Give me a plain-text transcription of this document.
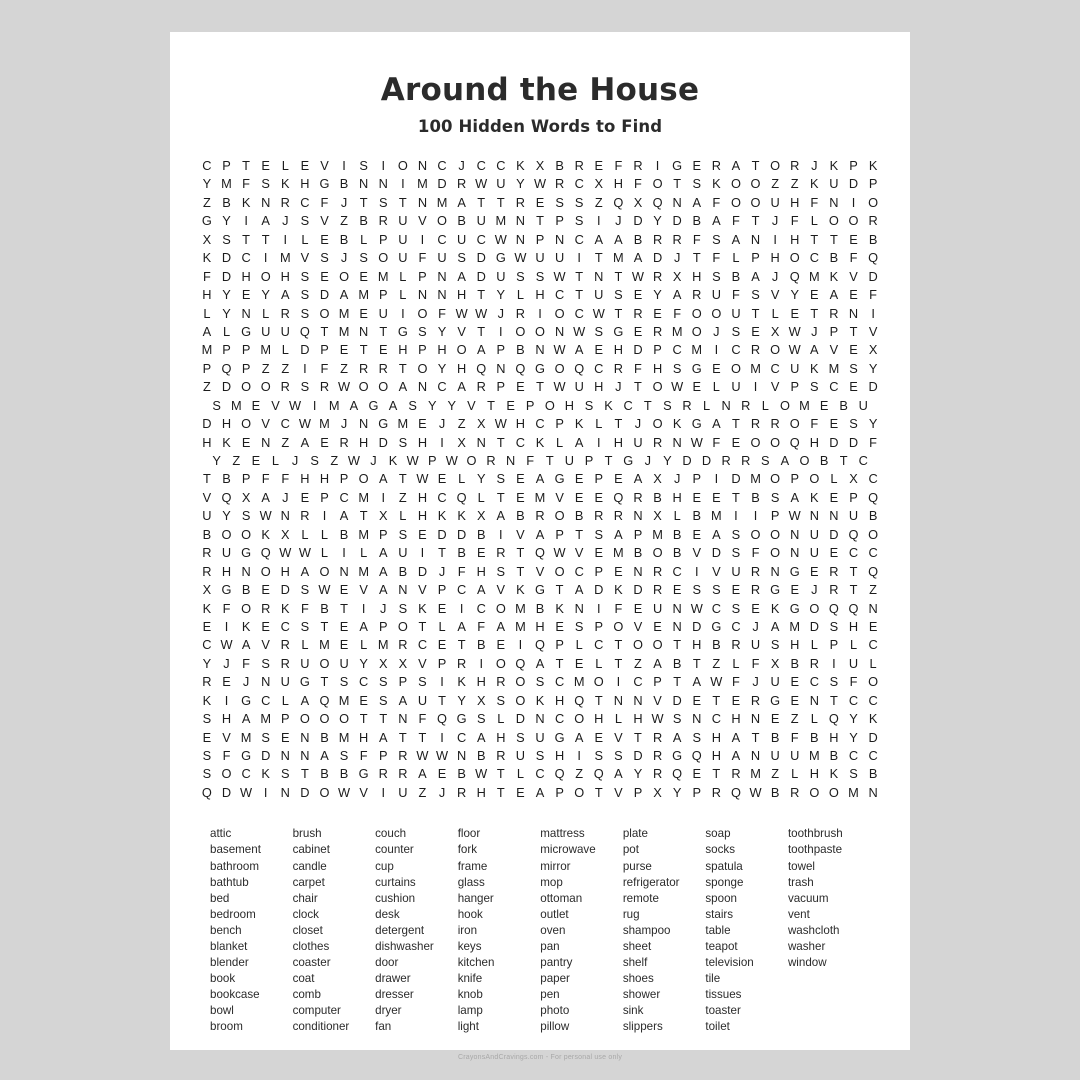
Around the House
100 Hidden Words to Find
C P T E L E V	I	S	I	O N C J C C K X B R E F R	I	G E R A T O R J K P K
Y M F S K H G B N N	I M D R W U Y W R C X H F O T S K O O Z Z K U D P
Z B K N R C F J T S T N M A T T R E S S Z Q X Q N A F O O U H F N	I	O
G Y	I	A J S V Z B R U V O B U M N T P S	I	J D Y D B A F T J F L O O R
X S T T	I	L E B L P U	I	C U C W N P N C A A B R R F S A N	I	H T T E B
K D C	I M V S J S O U F U S D G W U U	I	T M A D J T F L P H O C B F Q
F D H O H S E O E M L P N A D U S S W T N T W R X H S B A J Q M K V D
H Y E Y A S D A M P L N N H T Y L H C T U S E Y A R U F S V Y E A E F
L Y N L R S O M E U	I	O F W W J R	I	O C W T R E F O O U T L E T R N	I
A L G U U Q T M N T G S Y V T	I	O O N W S G E R M O J S E X W J P T V
M P P M L D P E T E H P H O A P B N W A E H D P C M I	C R O W A V E X
P Q P Z Z	I	F Z R R T O Y H Q N Q G O Q C R F H S G E O M C U K M S Y
Z D O O R S R W O O A N C A R P E T W U H J T O W E L U	I	V P S C E D
S M E V W I M A G A S Y Y V T E P O H S K C T S R L N R L O M E B U
D H O V C W M J N G M E J Z X W H C P K L T J O K G A T R R O F E S Y
H K E N Z A E R H D S H	I	X N T C K L A	I	H U R N W F E O O Q H D D F
Y Z E L	J S Z W J K W P W O R N F T U P T G J Y D D R R S A O B T C
T B P F F H H P O A T W E L Y S E A G E P E A X J P	I	D M O P O L X C
V Q X A J E P C M I	Z H C Q L T E M V E E Q R B H E E T B S A K E P Q
U Y S W N R	I	A T X L H K K X A B R O B R R N X L B M I	I	P W N N U B
B O O K X L L B M P S E D D B	I	V A P T S A P M B E A S O O N U D Q O
R U G Q W W L	I	L A U	I	T B E R T Q W V E M B O B V D S F O N U E C C
R H N O H A O N M A B D J F H S T V O C P E N R C	I	V U R N G E R T Q
X G B E D S W E V A N V P C A V K G T A D K D R E S S E R G E J R T Z
K F O R K F B T	I	J S K E	I	C O M B K N	I	F E U N W C S E K G O Q Q N
E	I	K E C S T E A P O T L A F A M H E S P O V E N D G C J A M D S H E
C W A V R L M E L M R C E T B E	I	Q P L C T O O T H B R U S H L P L C
Y J F S R U O U Y X X V P R	I	O Q A T E L T Z A B T Z L F X B R	I	U L
R E J N U G T S C S P S	I	K H R O S C M O	I	C P T A W F J U E C S F O
K	I	G C L A Q M E S A U T Y X S O K H Q T N N V D E T E R G E N T C C
S H A M P O O O T T N F Q G S L D N C O H L H W S N C H N E Z L Q Y K
E V M S E N B M H A T T	I	C A H S U G A E V T R A S H A T B F B H Y D
S F G D N N A S F P R W W N B R U S H	I	S S D R G Q H A N U U M B C C
S O C K S T B B G R R A E B W T L C Q Z Q A Y R Q E T R M Z L H K S B
Q D W I	N D O W V	I	U Z J R H T E A P O T V P X Y P R Q W B R O O M N
attic
basement
bathroom
bathtub
bed
bedroom
bench
blanket
blender
book
bookcase
bowl
broom
brush
cabinet
candle
carpet
chair
clock
closet
clothes
coaster
coat
comb
computer
conditioner
couch
counter
cup
curtains
cushion
desk
detergent
dishwasher
door
drawer
dresser
dryer
fan
floor
fork
frame
glass
hanger
hook
iron
keys
kitchen
knife
knob
lamp
light
mattress
microwave
mirror
mop
ottoman
outlet
oven
pan
pantry
paper
pen
photo
pillow
plate
pot
purse
refrigerator
remote
rug
shampoo
sheet
shelf
shoes
shower
sink
slippers
soap
socks
spatula
sponge
spoon
stairs
table
teapot
television
tile
tissues
toaster
toilet
toothbrush
toothpaste
towel
trash
vacuum
vent
washcloth
washer
window
CrayonsAndCravings.com - For personal use only
